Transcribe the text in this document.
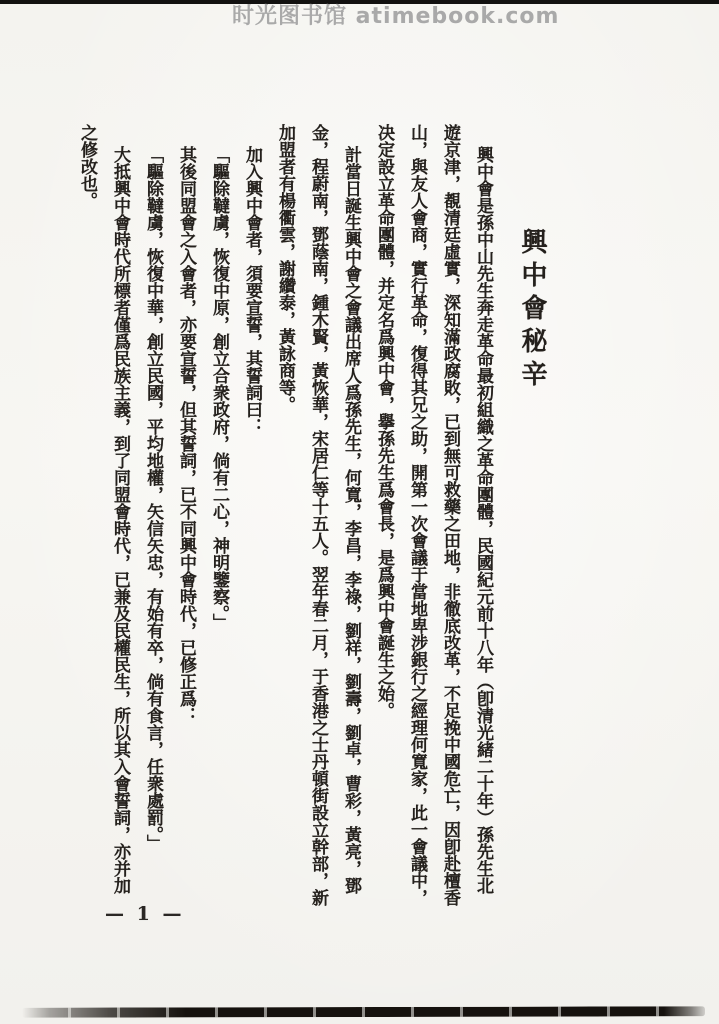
时光图书馆 atimebook.com
興中會秘辛

興中會是孫中山先生奔走革命最初組織之革命團體，民國紀元前十八年（卽清光緒二十年）孫先生北遊京津，覩清廷虛實，深知滿政腐敗，已到無可救藥之田地，非徹底改革，不足挽中國危亡，因卽赴檀香山，與友人會商，實行革命，復得其兄之助，開第一次會議于當地卑涉銀行之經理何寬家，此一會議中，决定設立革命團體，并定名爲興中會，擧孫先生爲會長，是爲興中會誕生之始。

計當日誕生興中會之會議出席人爲孫先生，何寬，李昌，李祿，劉祥，劉壽，劉卓，曹彩，黃亮，鄧金，程蔚南，鄧蔭南，鍾木賢，黃恢華，宋居仁等十五人。翌年春二月，于香港之士丹頓街設立幹部，新加盟者有楊衢雲，謝纘泰，黃詠商等。

加入興中會者，須要宣誓，其誓詞曰：

「驅除韃虜，恢復中原，創立合衆政府，倘有二心，神明鑒察。」

其後同盟會之入會者，亦要宣誓，但其誓詞，已不同興中會時代，已修正爲：

「驅除韃虜，恢復中華，創立民國，平均地權，矢信矢忠，有始有卒，倘有食言，任衆處罰。」

大抵興中會時代所標者僅爲民族主義，到了同盟會時代，已兼及民權民生，所以其入會誓詞，亦并加之修改也。

— 1 —
